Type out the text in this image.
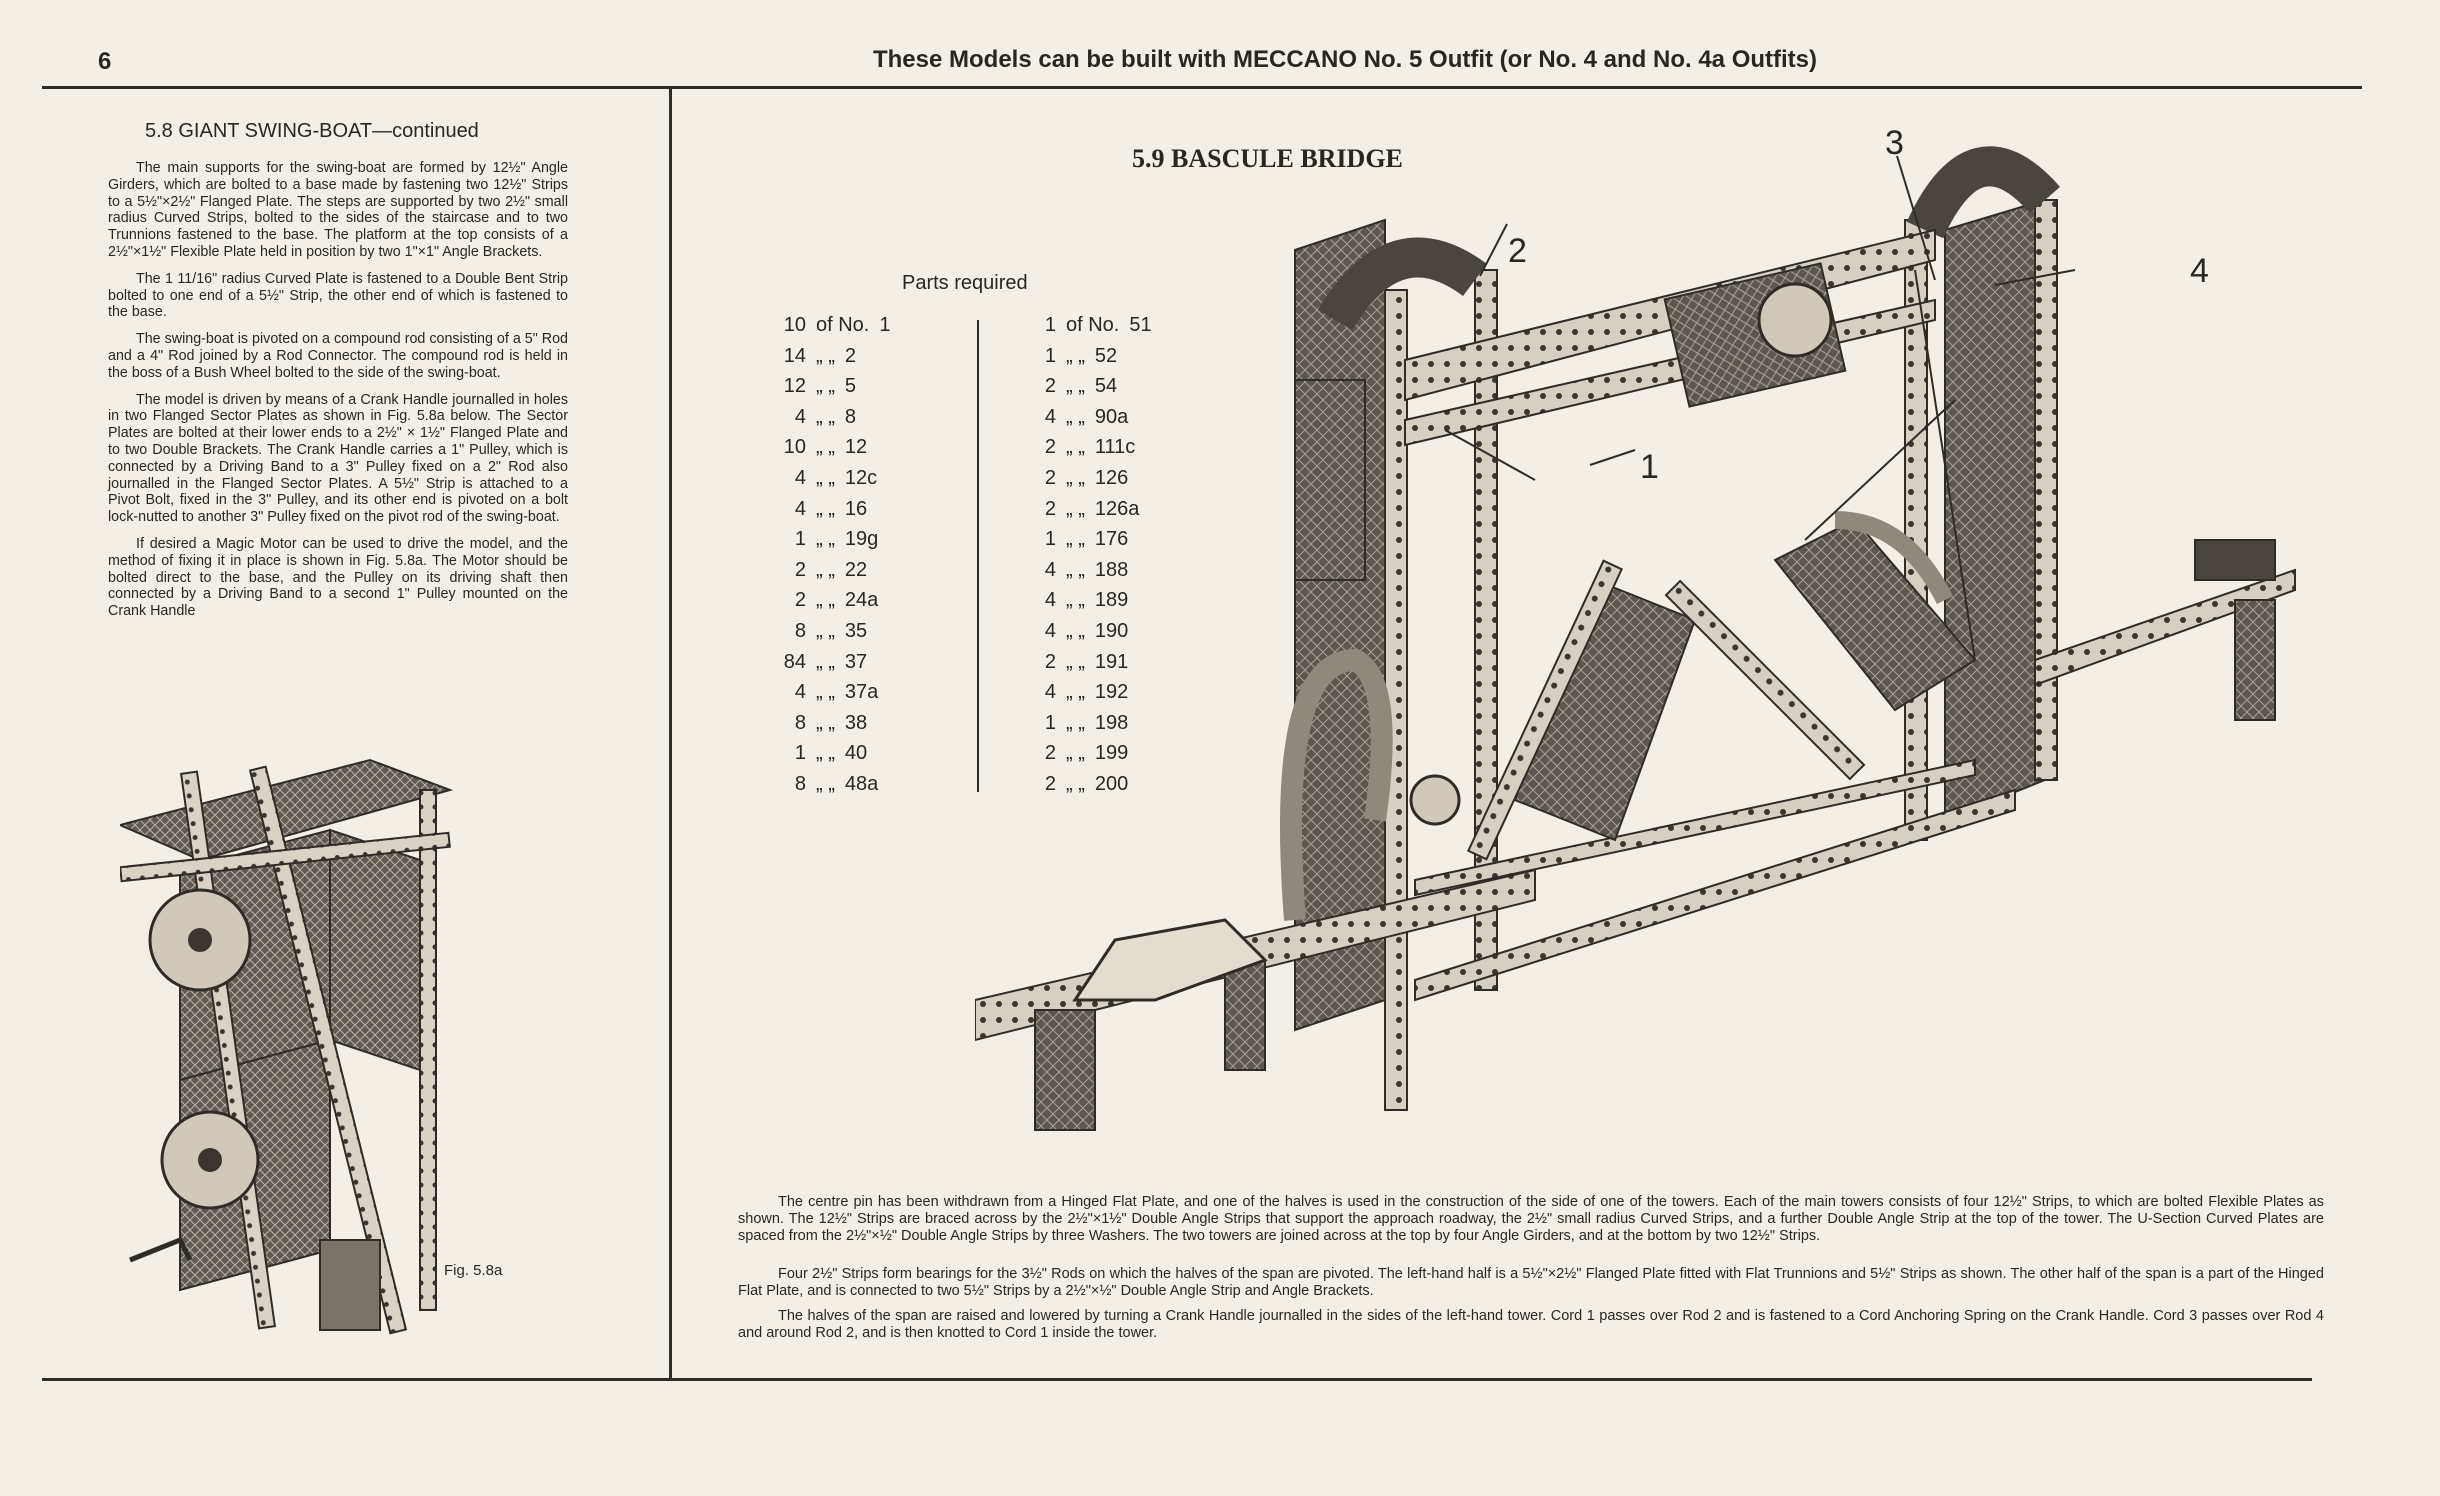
6	These Models can be built with MECCANO No. 5 Outfit (or No. 4 and No. 4a Outfits)
5.8 GIANT SWING-BOAT—continued

The main supports for the swing-boat are formed by 12½" Angle Girders, which are bolted to a base made by fastening two 12½" Strips to a 5½"×2½" Flanged Plate. The steps are supported by two 2½" small radius Curved Strips, bolted to the sides of the staircase and to two Trunnions fastened to the base. The platform at the top consists of a 2½"×1½" Flexible Plate held in position by two 1"×1" Angle Brackets.

The 1 11/16" radius Curved Plate is fastened to a Double Bent Strip bolted to one end of a 5½" Strip, the other end of which is fastened to the base.

The swing-boat is pivoted on a compound rod consisting of a 5" Rod and a 4" Rod joined by a Rod Connector. The compound rod is held in the boss of a Bush Wheel bolted to the side of the swing-boat.

The model is driven by means of a Crank Handle journalled in holes in two Flanged Sector Plates as shown in Fig. 5.8a below. The Sector Plates are bolted at their lower ends to a 2½" × 1½" Flanged Plate and to two Double Brackets. The Crank Handle carries a 1" Pulley, which is connected by a Driving Band to a 3" Pulley fixed on a 2" Rod also journalled in the Flanged Sector Plates. A 5½" Strip is attached to a Pivot Bolt, fixed in the 3" Pulley, and its other end is pivoted on a bolt lock-nutted to another 3" Pulley fixed on the pivot rod of the swing-boat.

If desired a Magic Motor can be used to drive the model, and the method of fixing it in place is shown in Fig. 5.8a. The Motor should be bolted direct to the base, and the Pulley on its driving shaft then connected by a Driving Band to a second 1" Pulley mounted on the Crank Handle

Fig. 5.8a
5.9 BASCULE BRIDGE
Parts required
10 of No. 1
14 „ „ 2
12 „ „ 5
4 „ „ 8
10 „ „ 12
4 „ „ 12c
4 „ „ 16
1 „ „ 19g
2 „ „ 22
2 „ „ 24a
8 „ „ 35
84 „ „ 37
4 „ „ 37a
8 „ „ 38
1 „ „ 40
8 „ „ 48a
1 of No. 51
1 „ „ 52
2 „ „ 54
4 „ „ 90a
2 „ „ 111c
2 „ „ 126
2 „ „ 126a
1 „ „ 176
4 „ „ 188
4 „ „ 189
4 „ „ 190
2 „ „ 191
4 „ „ 192
1 „ „ 198
2 „ „ 199
2 „ „ 200
1
2
3
4

The centre pin has been withdrawn from a Hinged Flat Plate, and one of the halves is used in the construction of the side of one of the towers. Each of the main towers consists of four 12½" Strips, to which are bolted Flexible Plates as shown. The 12½" Strips are braced across by the 2½"×1½" Double Angle Strips that support the approach roadway, the 2½" small radius Curved Strips, and a further Double Angle Strip at the top of the tower. The U-Section Curved Plates are spaced from the 2½"×½" Double Angle Strips by three Washers. The two towers are joined across at the top by four Angle Girders, and at the bottom by two 12½" Strips.

Four 2½" Strips form bearings for the 3½" Rods on which the halves of the span are pivoted. The left-hand half is a 5½"×2½" Flanged Plate fitted with Flat Trunnions and 5½" Strips as shown. The other half of the span is a part of the Hinged Flat Plate, and is connected to two 5½" Strips by a 2½"×½" Double Angle Strip and Angle Brackets.

The halves of the span are raised and lowered by turning a Crank Handle journalled in the sides of the left-hand tower. Cord 1 passes over Rod 2 and is fastened to a Cord Anchoring Spring on the Crank Handle. Cord 3 passes over Rod 4 and around Rod 2, and is then knotted to Cord 1 inside the tower.
